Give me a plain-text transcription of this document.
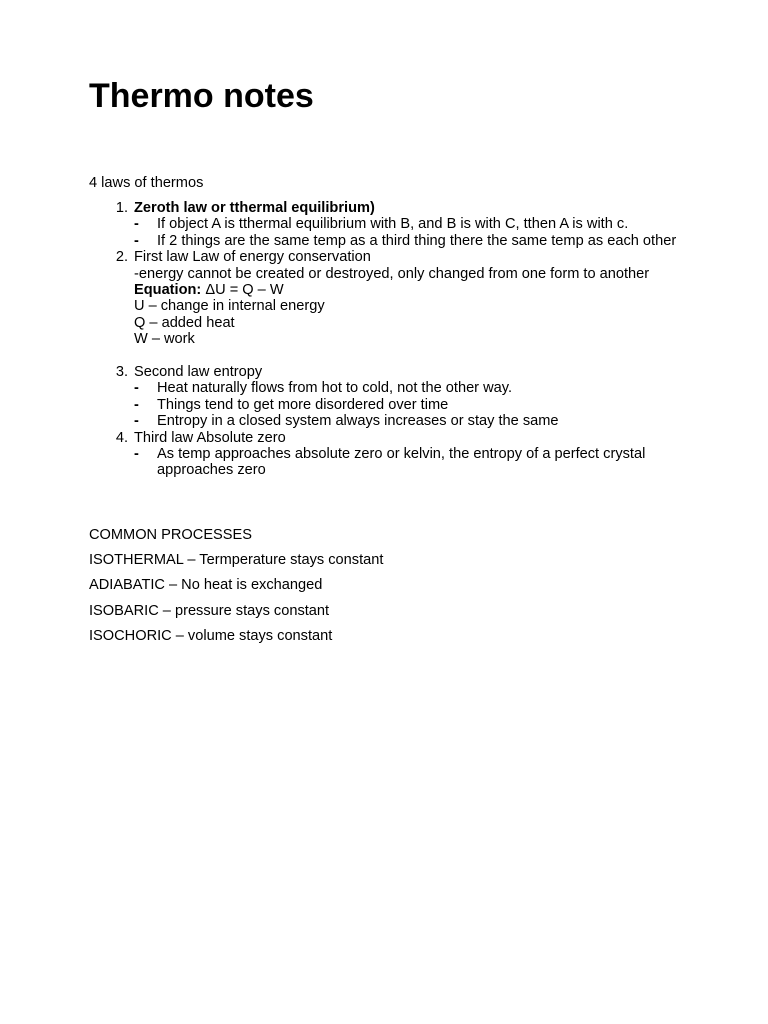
Thermo notes

4 laws of thermos

1. Zeroth law or tthermal equilibrium)
-	If object A is tthermal equilibrium with B, and B is with C, tthen A is with c.
-	If 2 things are the same temp as a third thing there the same temp as each other
2. First law Law of energy conservation
-energy cannot be created or destroyed, only changed from one form to another
Equation: ΔU = Q – W
U – change in internal energy
Q – added heat
W – work
3. Second law entropy
-	Heat naturally flows from hot to cold, not the other way.
-	Things tend to get more disordered over time
-	Entropy in a closed system always increases or stay the same
4. Third law Absolute zero
-	As temp approaches absolute zero or kelvin, the entropy of a perfect crystal approaches zero

COMMON PROCESSES

ISOTHERMAL – Termperature stays constant

ADIABATIC – No heat is exchanged

ISOBARIC – pressure stays constant

ISOCHORIC – volume stays constant
